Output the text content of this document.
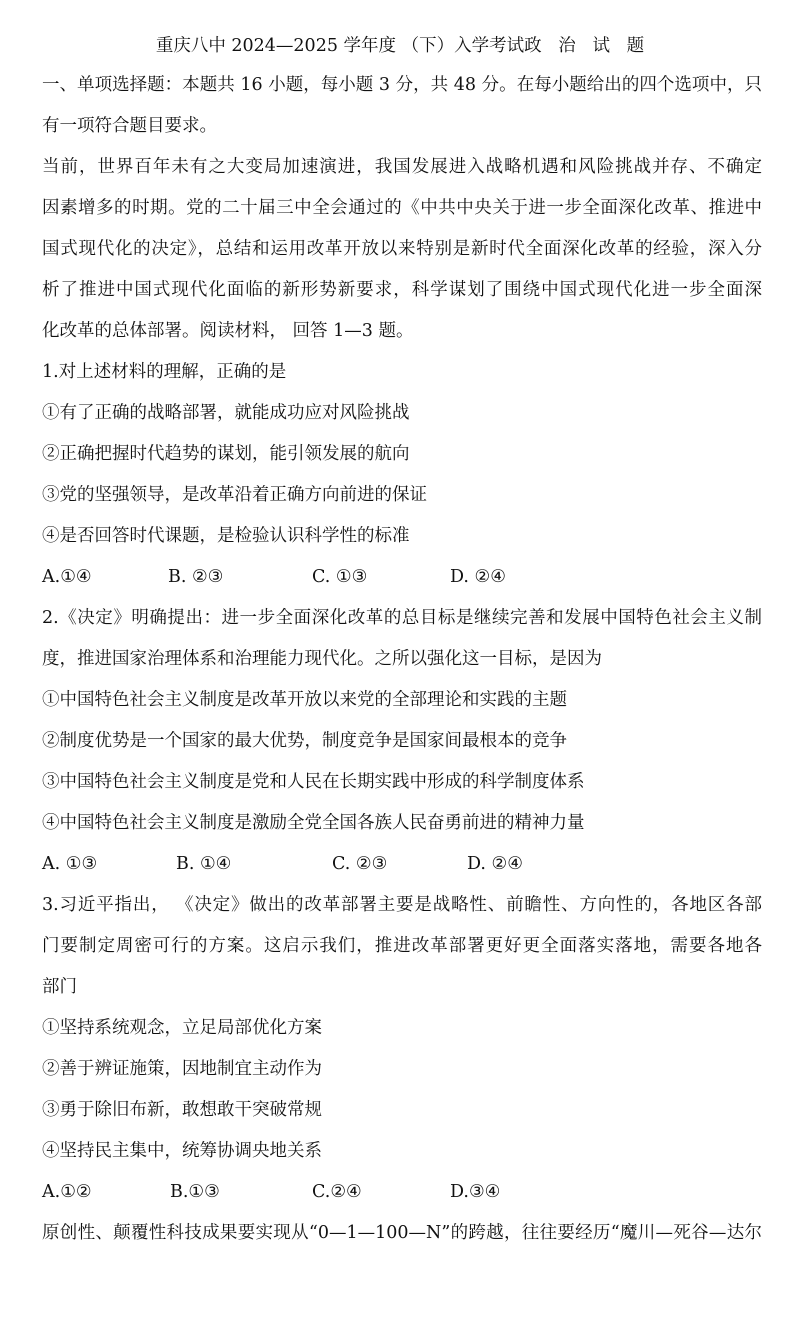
重庆八中 2024—2025 学年度 （下）入学考试政   治   试   题
一、单项选择题：本题共 16 小题，每小题 3 分，共 48 分。在每小题给出的四个选项中，只
有一项符合题目要求。
当前，世界百年未有之大变局加速演进，我国发展进入战略机遇和风险挑战并存、不确定
因素增多的时期。党的二十届三中全会通过的《中共中央关于进一步全面深化改革、推进中
国式现代化的决定》，总结和运用改革开放以来特别是新时代全面深化改革的经验，深入分
析了推进中国式现代化面临的新形势新要求，科学谋划了围绕中国式现代化进一步全面深
化改革的总体部署。阅读材料， 回答 1—3 题。
1.对上述材料的理解，正确的是
①有了正确的战略部署，就能成功应对风险挑战
②正确把握时代趋势的谋划，能引领发展的航向
③党的坚强领导，是改革沿着正确方向前进的保证
④是否回答时代课题，是检验认识科学性的标准
A.①④	B. ②③	C. ①③	D. ②④
2.《决定》明确提出：进一步全面深化改革的总目标是继续完善和发展中国特色社会主义制
度，推进国家治理体系和治理能力现代化。之所以强化这一目标，是因为
①中国特色社会主义制度是改革开放以来党的全部理论和实践的主题
②制度优势是一个国家的最大优势，制度竞争是国家间最根本的竞争
③中国特色社会主义制度是党和人民在长期实践中形成的科学制度体系
④中国特色社会主义制度是激励全党全国各族人民奋勇前进的精神力量
A. ①③	B. ①④	C. ②③	D. ②④
3.习近平指出， 《决定》做出的改革部署主要是战略性、前瞻性、方向性的，各地区各部
门要制定周密可行的方案。这启示我们，推进改革部署更好更全面落实落地，需要各地各
部门
①坚持系统观念，立足局部优化方案
②善于辨证施策，因地制宜主动作为
③勇于除旧布新，敢想敢干突破常规
④坚持民主集中，统筹协调央地关系
A.①②	B.①③	C.②④	D.③④
原创性、颠覆性科技成果要实现从“0—1—100—N”的跨越，往往要经历“魔川—死谷—达尔
